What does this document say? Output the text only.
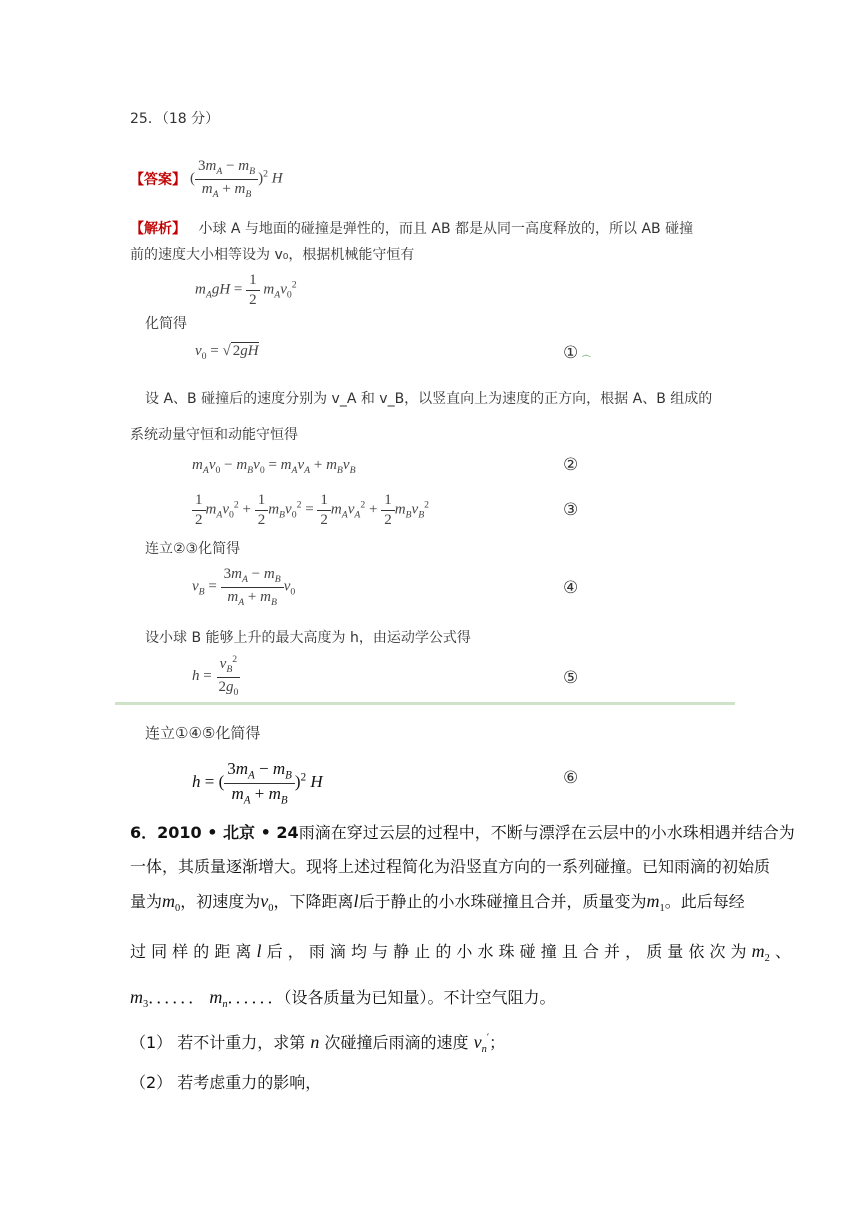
25．（18 分）
【答案】 ( $\frac{3m_A - m_B}{m_A + m_B} )^2$ H
【解析】 小球 A 与地面的碰撞是弹性的，而且 AB 都是从同一高度释放的，所以 AB 碰撞
前的速度大小相等设为 v₀，根据机械能守恒有
$m_AgH = \frac{1}{2} m_Av_0^2$
化简得
$v_0$ = √ 2gH	① ෴
设 A、B 碰撞后的速度分别为 v_A 和 v_B，以竖直向上为速度的正方向，根据 A、B 组成的
系统动量守恒和动能守恒得
$m_Av_0 - m_Bv_0 = m_Av_A + m_Bv_B$	②
$\frac{1}{2} m_Av_0^2 + \frac{1}{2} m_Bv_0^2 = \frac{1}{2} m_Av_A^2 + \frac{1}{2} m_Bv_B^2$	③
连立②③化简得
$v_B = \frac{3m_A - m_B}{m_A + m_B} v_0$	④
设小球 B 能够上升的最大高度为 h，由运动学公式得
$h = \frac{v_B^2}{2g_0}$	⑤
连立①④⑤化简得
h = ( $\frac{3m_A - m_B}{m_A + m_B} )^2$ H	⑥
6．2010 • 北京 • 24雨滴在穿过云层的过程中，不断与漂浮在云层中的小水珠相遇并结合为
一体，其质量逐渐增大。现将上述过程简化为沿竖直方向的一系列碰撞。已知雨滴的初始质
量为$m_0$，初速度为$v_0$，下降距离l后于静止的小水珠碰撞且合并，质量变为$m_1$。此后每经
过 同 样 的 距 离 l 后 ， 雨 滴 均 与 静 止 的 小 水 珠 碰 撞 且 合 并 ， 质 量 依 次 为 $m_2$ 、
$m_3$．．．．．． $m_n$．．．．．．（设各质量为已知量）。不计空气阻力。
（1） 若不计重力，求第 n 次碰撞后雨滴的速度 $v_n'$；
（2） 若考虑重力的影响，
